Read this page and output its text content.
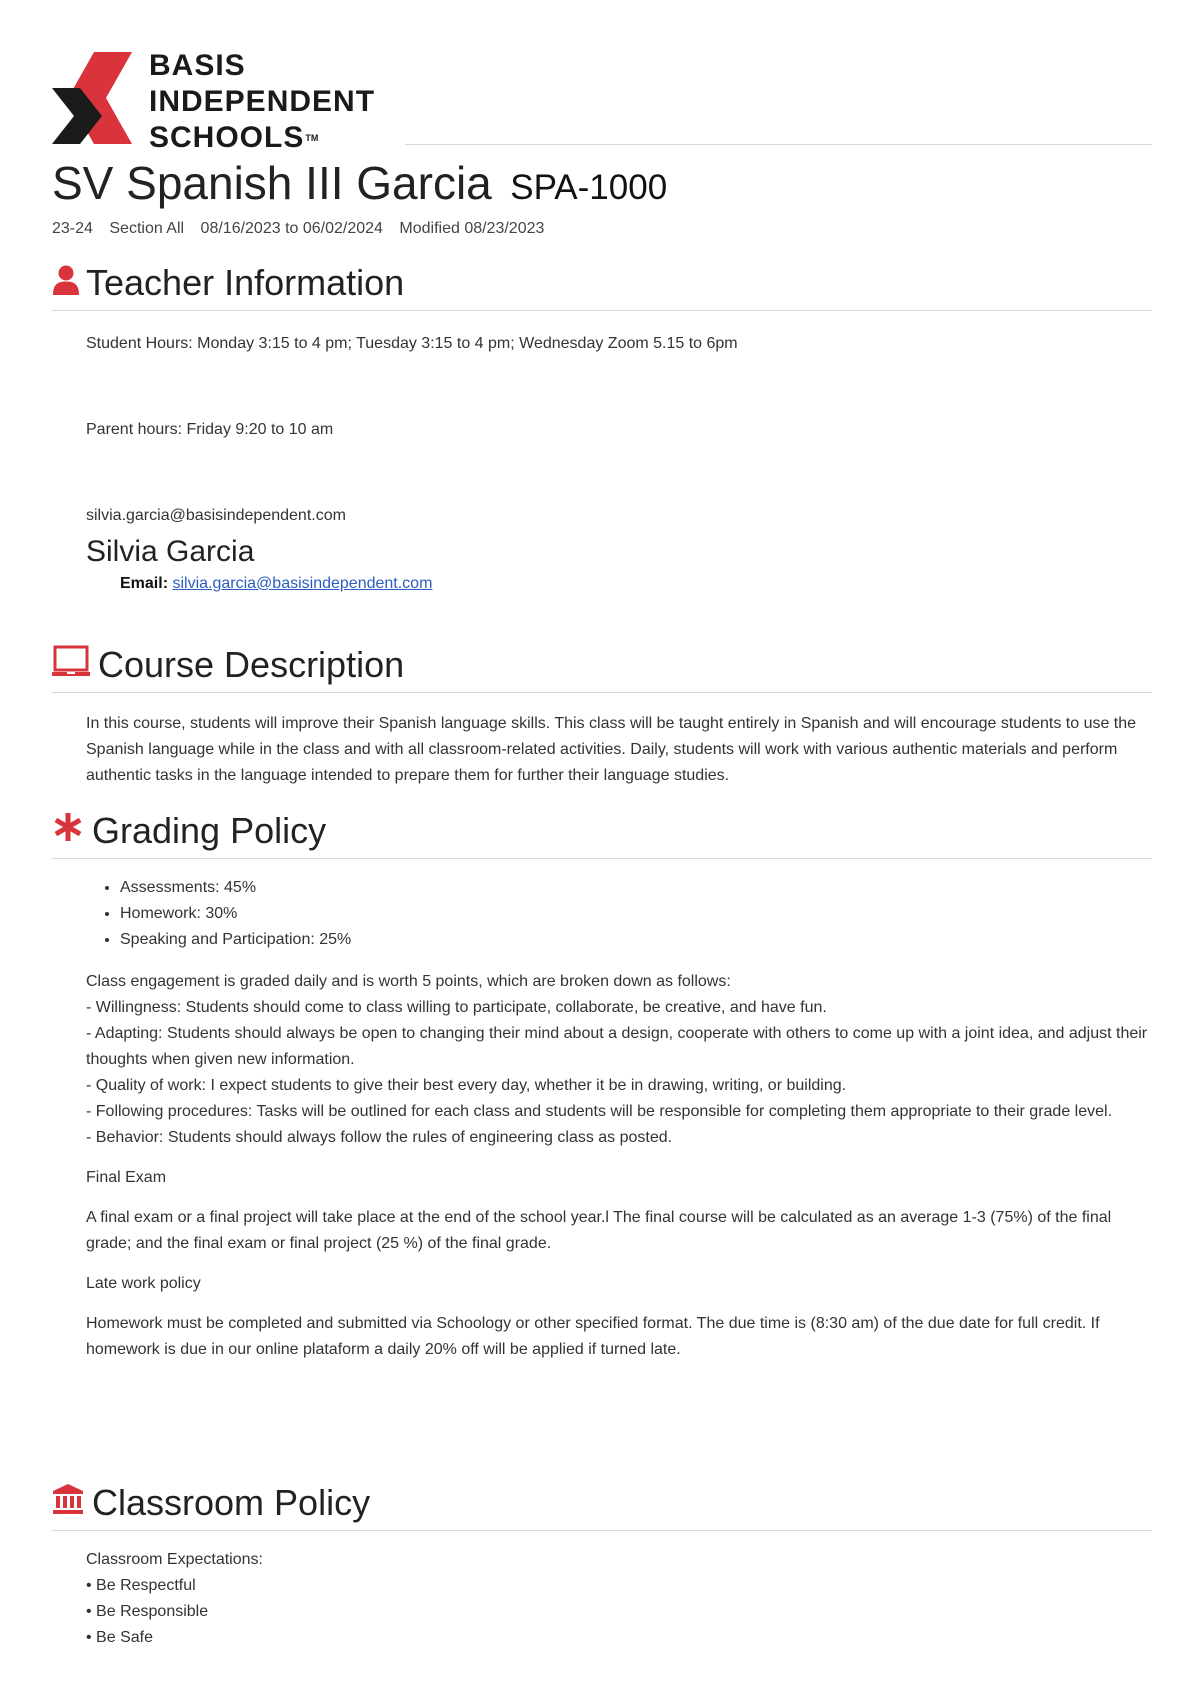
BASIS
INDEPENDENT
SCHOOLS™
SV Spanish III Garcia SPA-1000
23-24 Section All 08/16/2023 to 06/02/2024 Modified 08/23/2023
Teacher Information

Student Hours: Monday 3:15 to 4 pm; Tuesday 3:15 to 4 pm; Wednesday Zoom 5.15 to 6pm

Parent hours: Friday 9:20 to 10 am

silvia.garcia@basisindependent.com

Silvia Garcia
Email: silvia.garcia@basisindependent.com
Course Description

In this course, students will improve their Spanish language skills. This class will be taught entirely in Spanish and will encourage students to use the Spanish language while in the class and with all classroom-related activities. Daily, students will work with various authentic materials and perform authentic tasks in the language intended to prepare them for further their language studies.

Grading Policy
• Assessments: 45%
• Homework: 30%
• Speaking and Participation: 25%

Class engagement is graded daily and is worth 5 points, which are broken down as follows:

- Willingness: Students should come to class willing to participate, collaborate, be creative, and have fun.

- Adapting: Students should always be open to changing their mind about a design, cooperate with others to come up with a joint idea, and adjust their thoughts when given new information.

- Quality of work: I expect students to give their best every day, whether it be in drawing, writing, or building.

- Following procedures: Tasks will be outlined for each class and students will be responsible for completing them appropriate to their grade level.

- Behavior: Students should always follow the rules of engineering class as posted.

Final Exam

A final exam or a final project will take place at the end of the school year.l The final course will be calculated as an average 1-3 (75%) of the final grade; and the final exam or final project (25 %) of the final grade.

Late work policy

Homework must be completed and submitted via Schoology or other specified format. The due time is (8:30 am) of the due date for full credit. If homework is due in our online plataform a daily 20% off will be applied if turned late.

Classroom Policy

Classroom Expectations:

• Be Respectful

• Be Responsible

• Be Safe
